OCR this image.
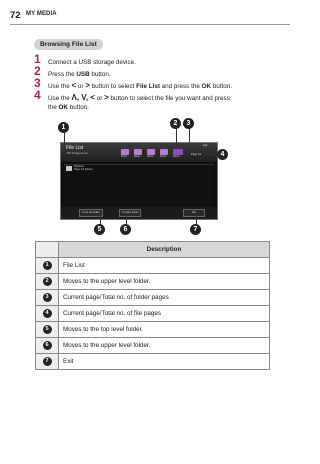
72 MY MEDIA
Browsing File List
1 Connect a USB storage device.
2 Press the USB button.
3 Use the < or > button to select File List and press the OK button.
4 Use the Λ, V, < or > button to select the file you want and press
the OK button.
File List
USB Storage Device
Photo	Music	Movie	Photo	Folder
Exit
Page 1/1
MyMusic
Page 1/1 (folder)
To the Top Folder	To Upper Folder	Exit
1
2	3
4
5	6	7
	Description
1	File List
2	Moves to the upper level folder.
3	Current page/Total no. of folder pages
4	Current page/Total no. of file pages
5	Moves to the top level folder.
6	Moves to the upper level folder.
7	Exit
